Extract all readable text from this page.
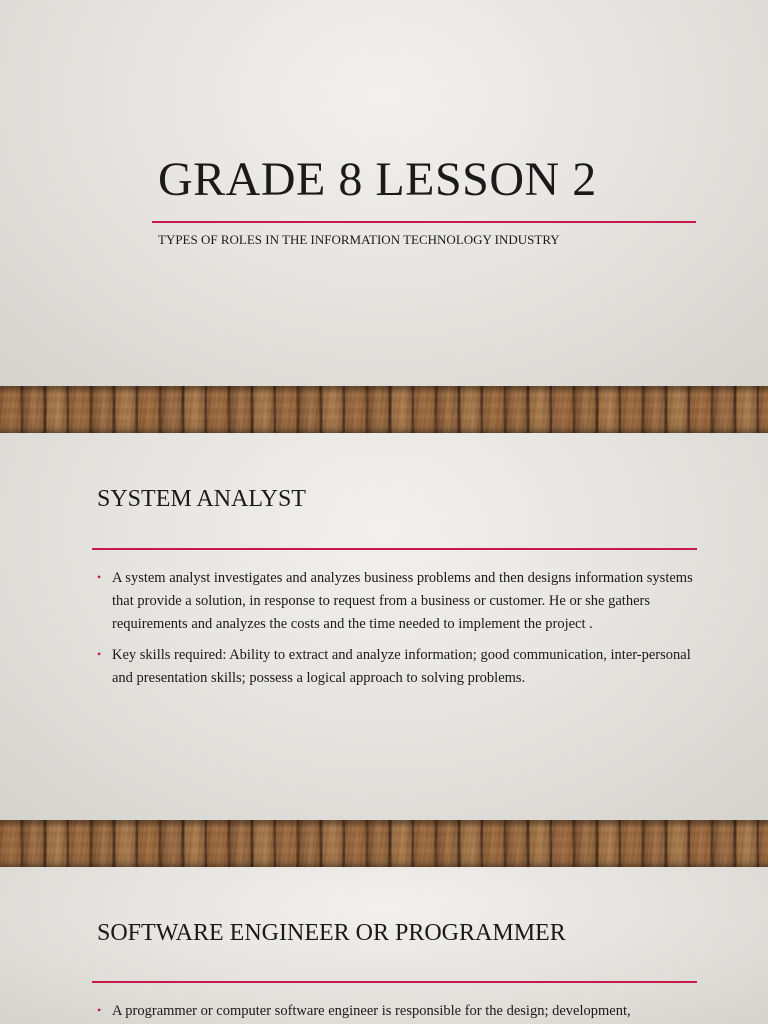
GRADE 8 LESSON 2

TYPES OF ROLES IN THE INFORMATION TECHNOLOGY INDUSTRY

SYSTEM ANALYST
• A system analyst investigates and analyzes business problems and then designs information systems that provide a solution, in response to request from a business or customer. He or she gathers requirements and analyzes the costs and the time needed to implement the project .
• Key skills required: Ability to extract and analyze information; good communication, inter-personal and presentation skills; possess a logical approach to solving problems.
SOFTWARE ENGINEER OR PROGRAMMER
• A programmer or computer software engineer is responsible for the design; development,
